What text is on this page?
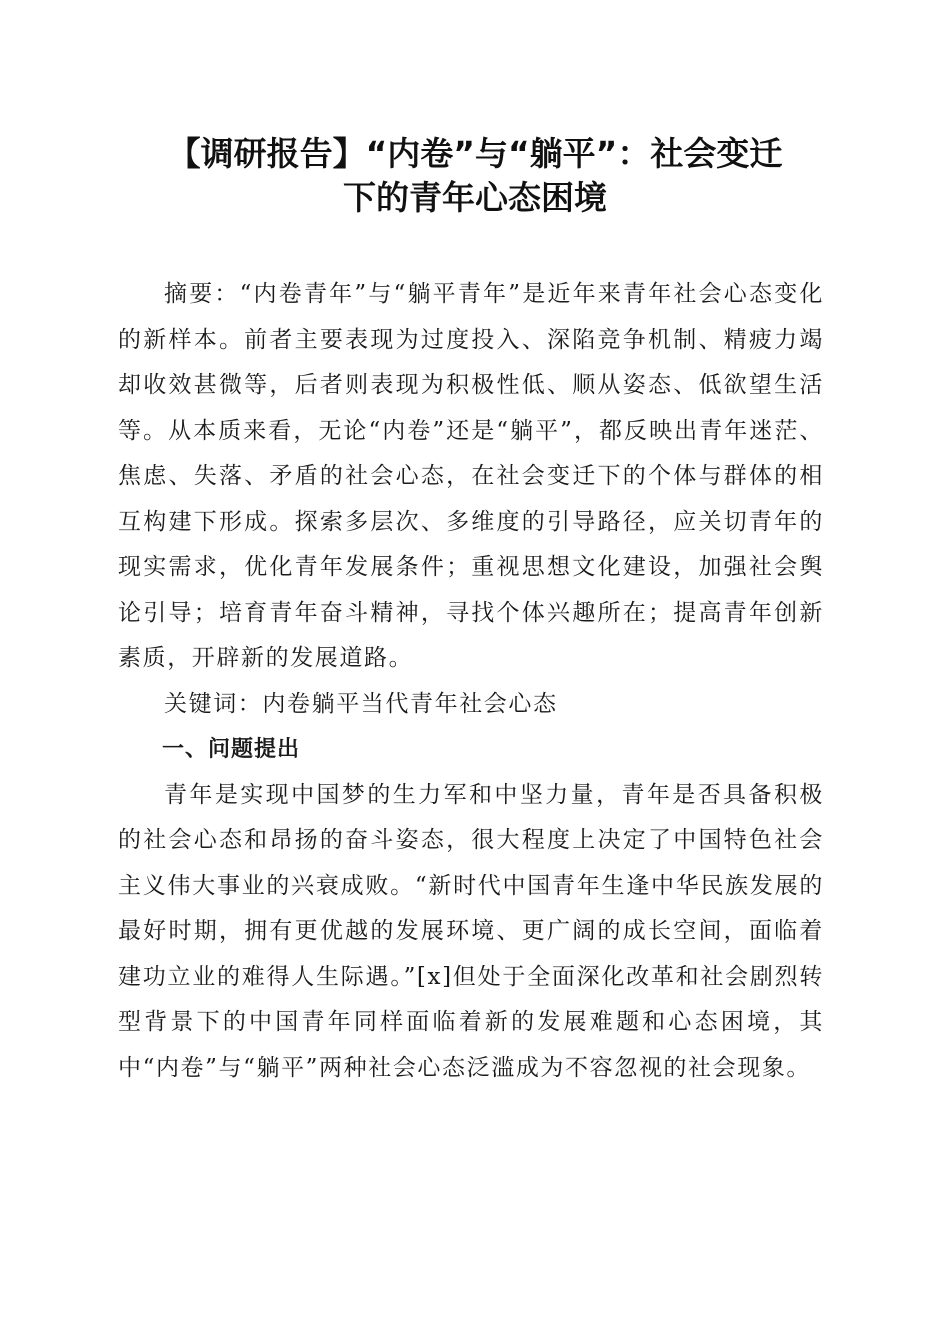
【调研报告】“内卷”与“躺平”：社会变迁
下的青年心态困境

摘要：“内卷青年”与“躺平青年”是近年来青年社会心态变化的新样本。前者主要表现为过度投入、深陷竞争机制、精疲力竭却收效甚微等，后者则表现为积极性低、顺从姿态、低欲望生活等。从本质来看，无论“内卷”还是“躺平”，都反映出青年迷茫、焦虑、失落、矛盾的社会心态，在社会变迁下的个体与群体的相互构建下形成。探索多层次、多维度的引导路径，应关切青年的现实需求，优化青年发展条件；重视思想文化建设，加强社会舆论引导；培育青年奋斗精神，寻找个体兴趣所在；提高青年创新素质，开辟新的发展道路。

关键词：内卷躺平当代青年社会心态

一、问题提出

青年是实现中国梦的生力军和中坚力量，青年是否具备积极的社会心态和昂扬的奋斗姿态，很大程度上决定了中国特色社会主义伟大事业的兴衰成败。“新时代中国青年生逢中华民族发展的最好时期，拥有更优越的发展环境、更广阔的成长空间，面临着建功立业的难得人生际遇。”[x]但处于全面深化改革和社会剧烈转型背景下的中国青年同样面临着新的发展难题和心态困境，其中“内卷”与“躺平”两种社会心态泛滥成为不容忽视的社会现象。
